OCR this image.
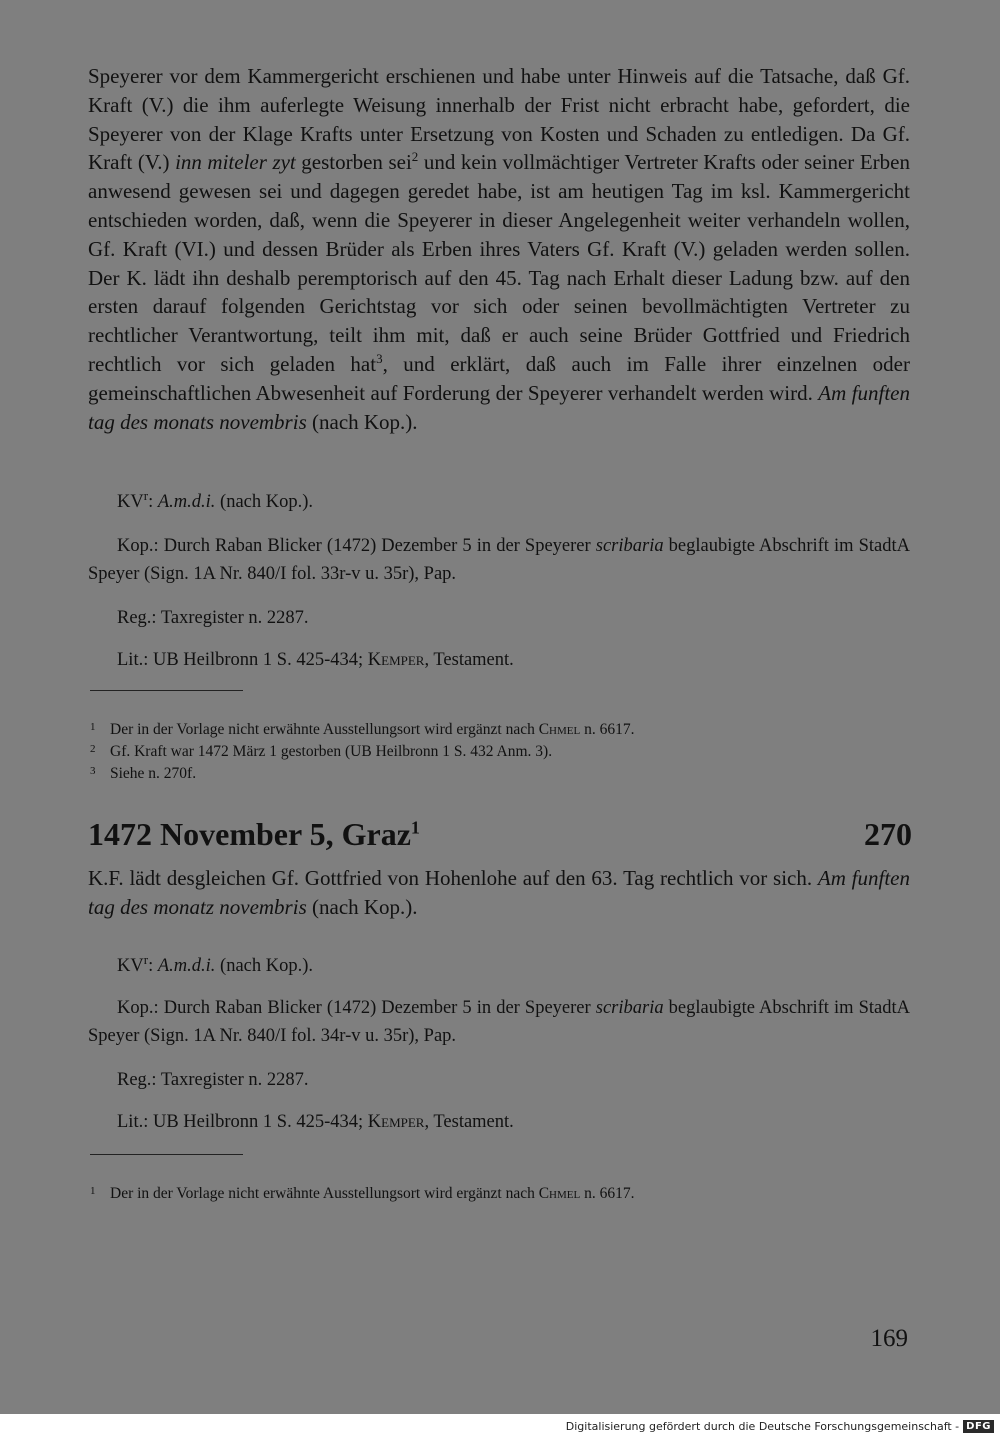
Speyerer vor dem Kammergericht erschienen und habe unter Hinweis auf die Tatsache, daß Gf. Kraft (V.) die ihm auferlegte Weisung innerhalb der Frist nicht erbracht habe, gefordert, die Speyerer von der Klage Krafts unter Ersetzung von Kosten und Schaden zu entledigen. Da Gf. Kraft (V.) inn miteler zyt gestorben sei$^2$ und kein vollmächtiger Vertreter Krafts oder seiner Erben anwesend gewesen sei und dagegen geredet habe, ist am heutigen Tag im ksl. Kammergericht entschieden worden, daß, wenn die Speyerer in dieser Angelegenheit weiter verhandeln wollen, Gf. Kraft (VI.) und dessen Brüder als Erben ihres Vaters Gf. Kraft (V.) geladen werden sollen. Der K. lädt ihn deshalb peremptorisch auf den 45. Tag nach Erhalt dieser Ladung bzw. auf den ersten darauf folgenden Gerichtstag vor sich oder seinen bevollmächtigten Vertreter zu rechtlicher Verantwortung, teilt ihm mit, daß er auch seine Brüder Gottfried und Friedrich rechtlich vor sich geladen hat$^3$, und erklärt, daß auch im Falle ihrer einzelnen oder gemeinschaftlichen Abwesenheit auf Forderung der Speyerer verhandelt werden wird. Am funften tag des monats novembris (nach Kop.).

$KV^r$: A.m.d.i. (nach Kop.).

Kop.: Durch Raban Blicker (1472) Dezember 5 in der Speyerer scribaria beglaubigte Abschrift im StadtA Speyer (Sign. 1A Nr. 840/I fol. 33r-v u. 35r), Pap.

Reg.: Taxregister n. 2287.

Lit.: UB Heilbronn 1 S. 425-434; Kemper, Testament.

1 Der in der Vorlage nicht erwähnte Ausstellungsort wird ergänzt nach Chmel n. 6617.

2 Gf. Kraft war 1472 März 1 gestorben (UB Heilbronn 1 S. 432 Anm. 3).

3 Siehe n. 270f.

1472 November 5, Graz$^1$	270

K.F. lädt desgleichen Gf. Gottfried von Hohenlohe auf den 63. Tag rechtlich vor sich. Am funften tag des monatz novembris (nach Kop.).

$KV^r$: A.m.d.i. (nach Kop.).

Kop.: Durch Raban Blicker (1472) Dezember 5 in der Speyerer scribaria beglaubigte Abschrift im StadtA Speyer (Sign. 1A Nr. 840/I fol. 34r-v u. 35r), Pap.

Reg.: Taxregister n. 2287.

Lit.: UB Heilbronn 1 S. 425-434; Kemper, Testament.

1 Der in der Vorlage nicht erwähnte Ausstellungsort wird ergänzt nach Chmel n. 6617.

169
Digitalisierung gefördert durch die Deutsche Forschungsgemeinschaft - DFG
